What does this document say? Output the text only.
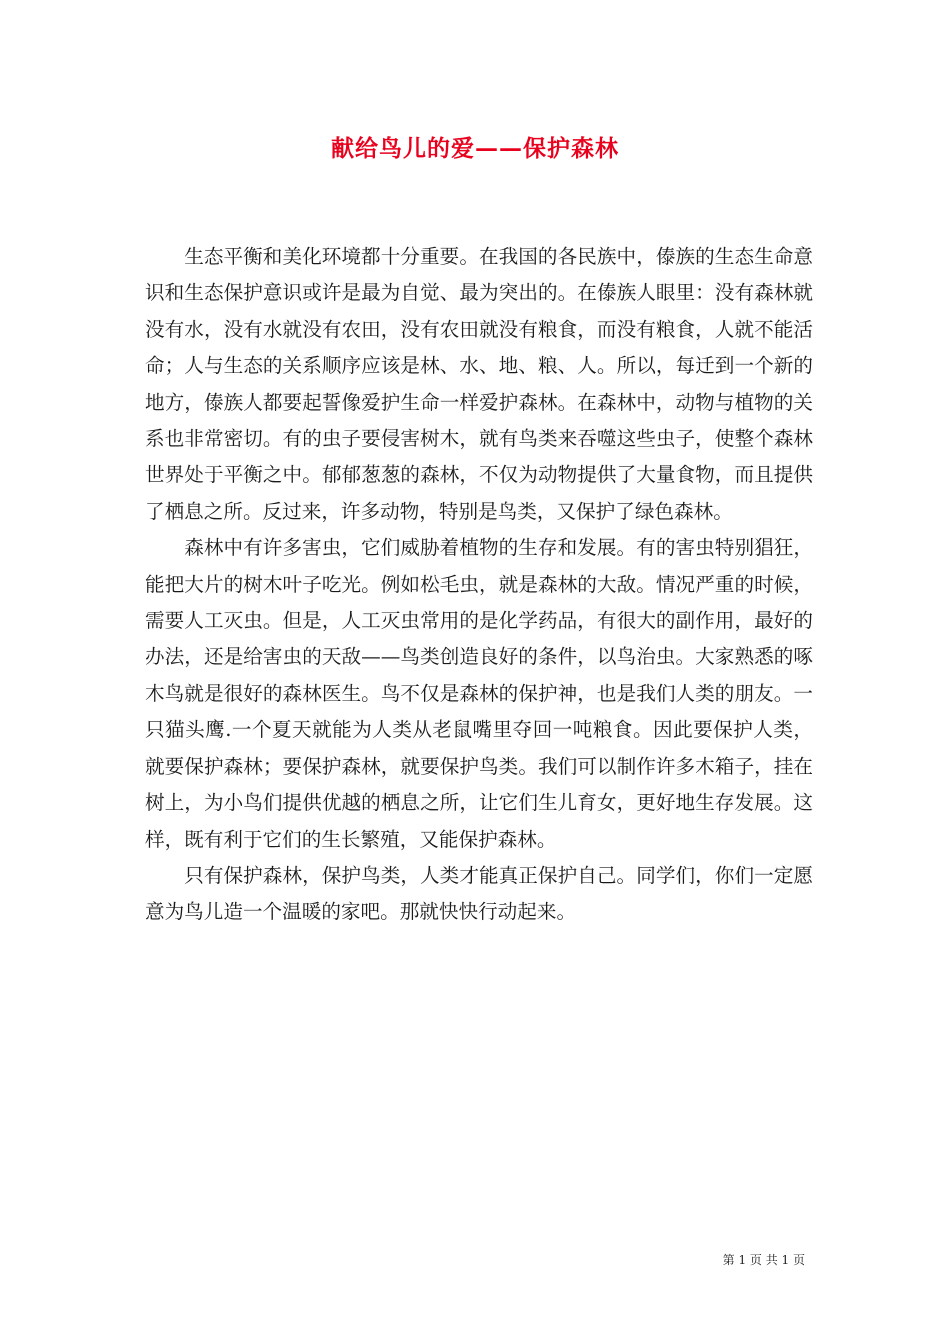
献给鸟儿的爱——保护森林

生态平衡和美化环境都十分重要。在我国的各民族中，傣族的生态生命意识和生态保护意识或许是最为自觉、最为突出的。在傣族人眼里：没有森林就没有水，没有水就没有农田，没有农田就没有粮食，而没有粮食，人就不能活命；人与生态的关系顺序应该是林、水、地、粮、人。所以，每迁到一个新的地方，傣族人都要起誓像爱护生命一样爱护森林。在森林中，动物与植物的关系也非常密切。有的虫子要侵害树木，就有鸟类来吞噬这些虫子，使整个森林世界处于平衡之中。郁郁葱葱的森林，不仅为动物提供了大量食物，而且提供了栖息之所。反过来，许多动物，特别是鸟类，又保护了绿色森林。

森林中有许多害虫，它们威胁着植物的生存和发展。有的害虫特别猖狂，能把大片的树木叶子吃光。例如松毛虫，就是森林的大敌。情况严重的时候，需要人工灭虫。但是，人工灭虫常用的是化学药品，有很大的副作用，最好的办法，还是给害虫的天敌——鸟类创造良好的条件，以鸟治虫。大家熟悉的啄木鸟就是很好的森林医生。鸟不仅是森林的保护神，也是我们人类的朋友。一只猫头鹰.一个夏天就能为人类从老鼠嘴里夺回一吨粮食。因此要保护人类，就要保护森林；要保护森林，就要保护鸟类。我们可以制作许多木箱子，挂在树上，为小鸟们提供优越的栖息之所，让它们生儿育女，更好地生存发展。这样，既有利于它们的生长繁殖，又能保护森林。

只有保护森林，保护鸟类，人类才能真正保护自己。同学们，你们一定愿意为鸟儿造一个温暖的家吧。那就快快行动起来。

第 1 页 共 1 页
